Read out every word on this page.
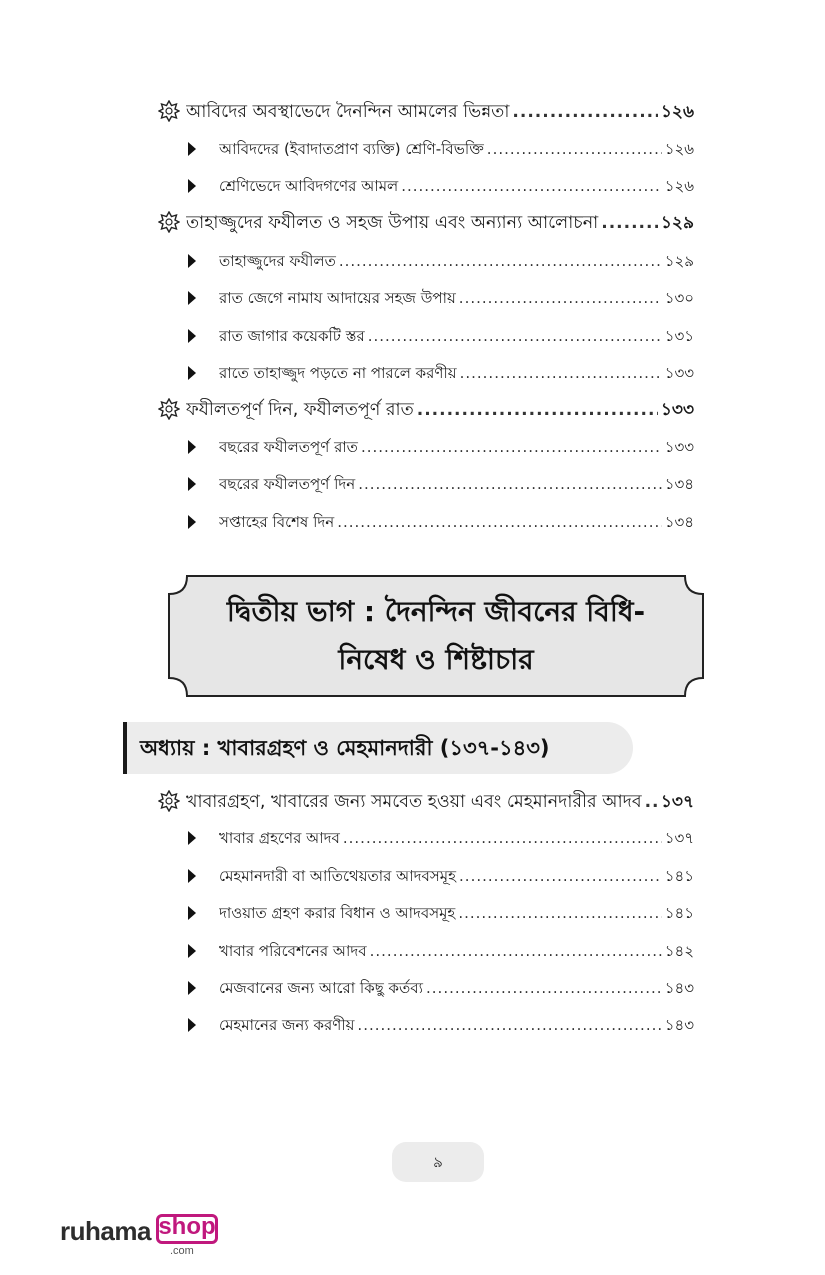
আবিদের অবস্থাভেদে দৈনন্দিন আমলের ভিন্নতা .....	১২৬
আবিদদের (ইবাদাতপ্রাণ ব্যক্তি) শ্রেণি-বিভক্তি .....	১২৬
শ্রেণিভেদে আবিদগণের আমল .....	১২৬
তাহাজ্জুদের ফযীলত ও সহজ উপায় এবং অন্যান্য আলোচনা .....	১২৯
তাহাজ্জুদের ফযীলত .....	১২৯
রাত জেগে নামায আদায়ের সহজ উপায় .....	১৩০
রাত জাগার কয়েকটি স্তর .....	১৩১
রাতে তাহাজ্জুদ পড়তে না পারলে করণীয় .....	১৩৩
ফযীলতপূর্ণ দিন, ফযীলতপূর্ণ রাত .....	১৩৩
বছরের ফযীলতপূর্ণ রাত .....	১৩৩
বছরের ফযীলতপূর্ণ দিন .....	১৩৪
সপ্তাহের বিশেষ দিন .....	১৩৪
দ্বিতীয় ভাগ : দৈনন্দিন জীবনের বিধি-নিষেধ ও শিষ্টাচার
অধ্যায় : খাবারগ্রহণ ও মেহমানদারী (১৩৭-১৪৩)
খাবারগ্রহণ, খাবারের জন্য সমবেত হওয়া এবং মেহমানদারীর আদব ..... ১৩৭
খাবার গ্রহণের আদব .....	১৩৭
মেহমানদারী বা আতিথেয়তার আদবসমূহ .....	১৪১
দাওয়াত গ্রহণ করার বিধান ও আদবসমূহ .....	১৪১
খাবার পরিবেশনের আদব .....	১৪২
মেজবানের জন্য আরো কিছু কর্তব্য .....	১৪৩
মেহমানের জন্য করণীয় .....	১৪৩
৯
ruhama shop
.com
